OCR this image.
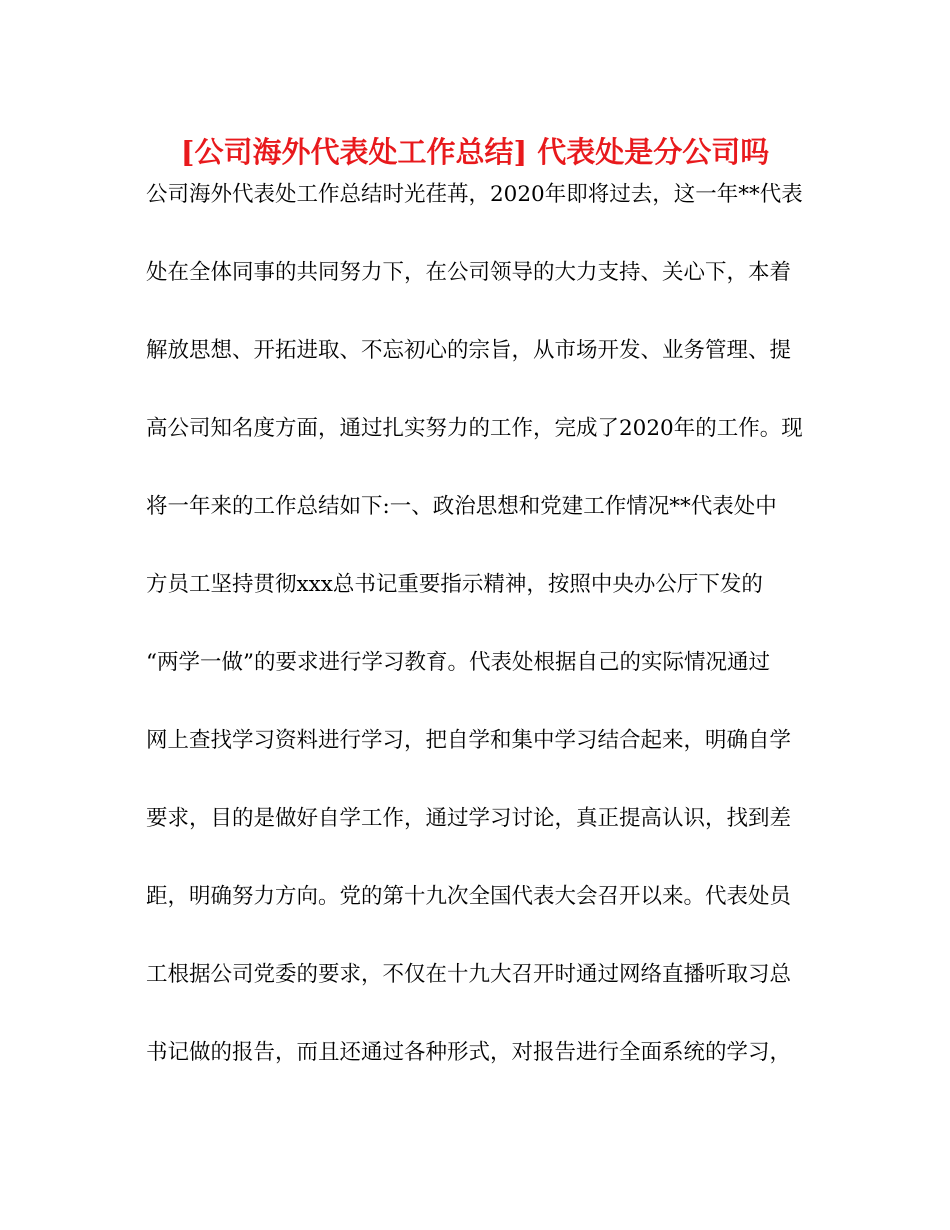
[公司海外代表处工作总结] 代表处是分公司吗
公司海外代表处工作总结时光荏苒，2020年即将过去，这一年**代表
处在全体同事的共同努力下，在公司领导的大力支持、关心下，本着
解放思想、开拓进取、不忘初心的宗旨，从市场开发、业务管理、提
高公司知名度方面，通过扎实努力的工作，完成了2020年的工作。现
将一年来的工作总结如下:一、政治思想和党建工作情况**代表处中
方员工坚持贯彻xxx总书记重要指示精神，按照中央办公厅下发的
“两学一做”的要求进行学习教育。代表处根据自己的实际情况通过
网上查找学习资料进行学习，把自学和集中学习结合起来，明确自学
要求，目的是做好自学工作，通过学习讨论，真正提高认识，找到差
距，明确努力方向。党的第十九次全国代表大会召开以来。代表处员
工根据公司党委的要求，不仅在十九大召开时通过网络直播听取习总
书记做的报告，而且还通过各种形式，对报告进行全面系统的学习，
